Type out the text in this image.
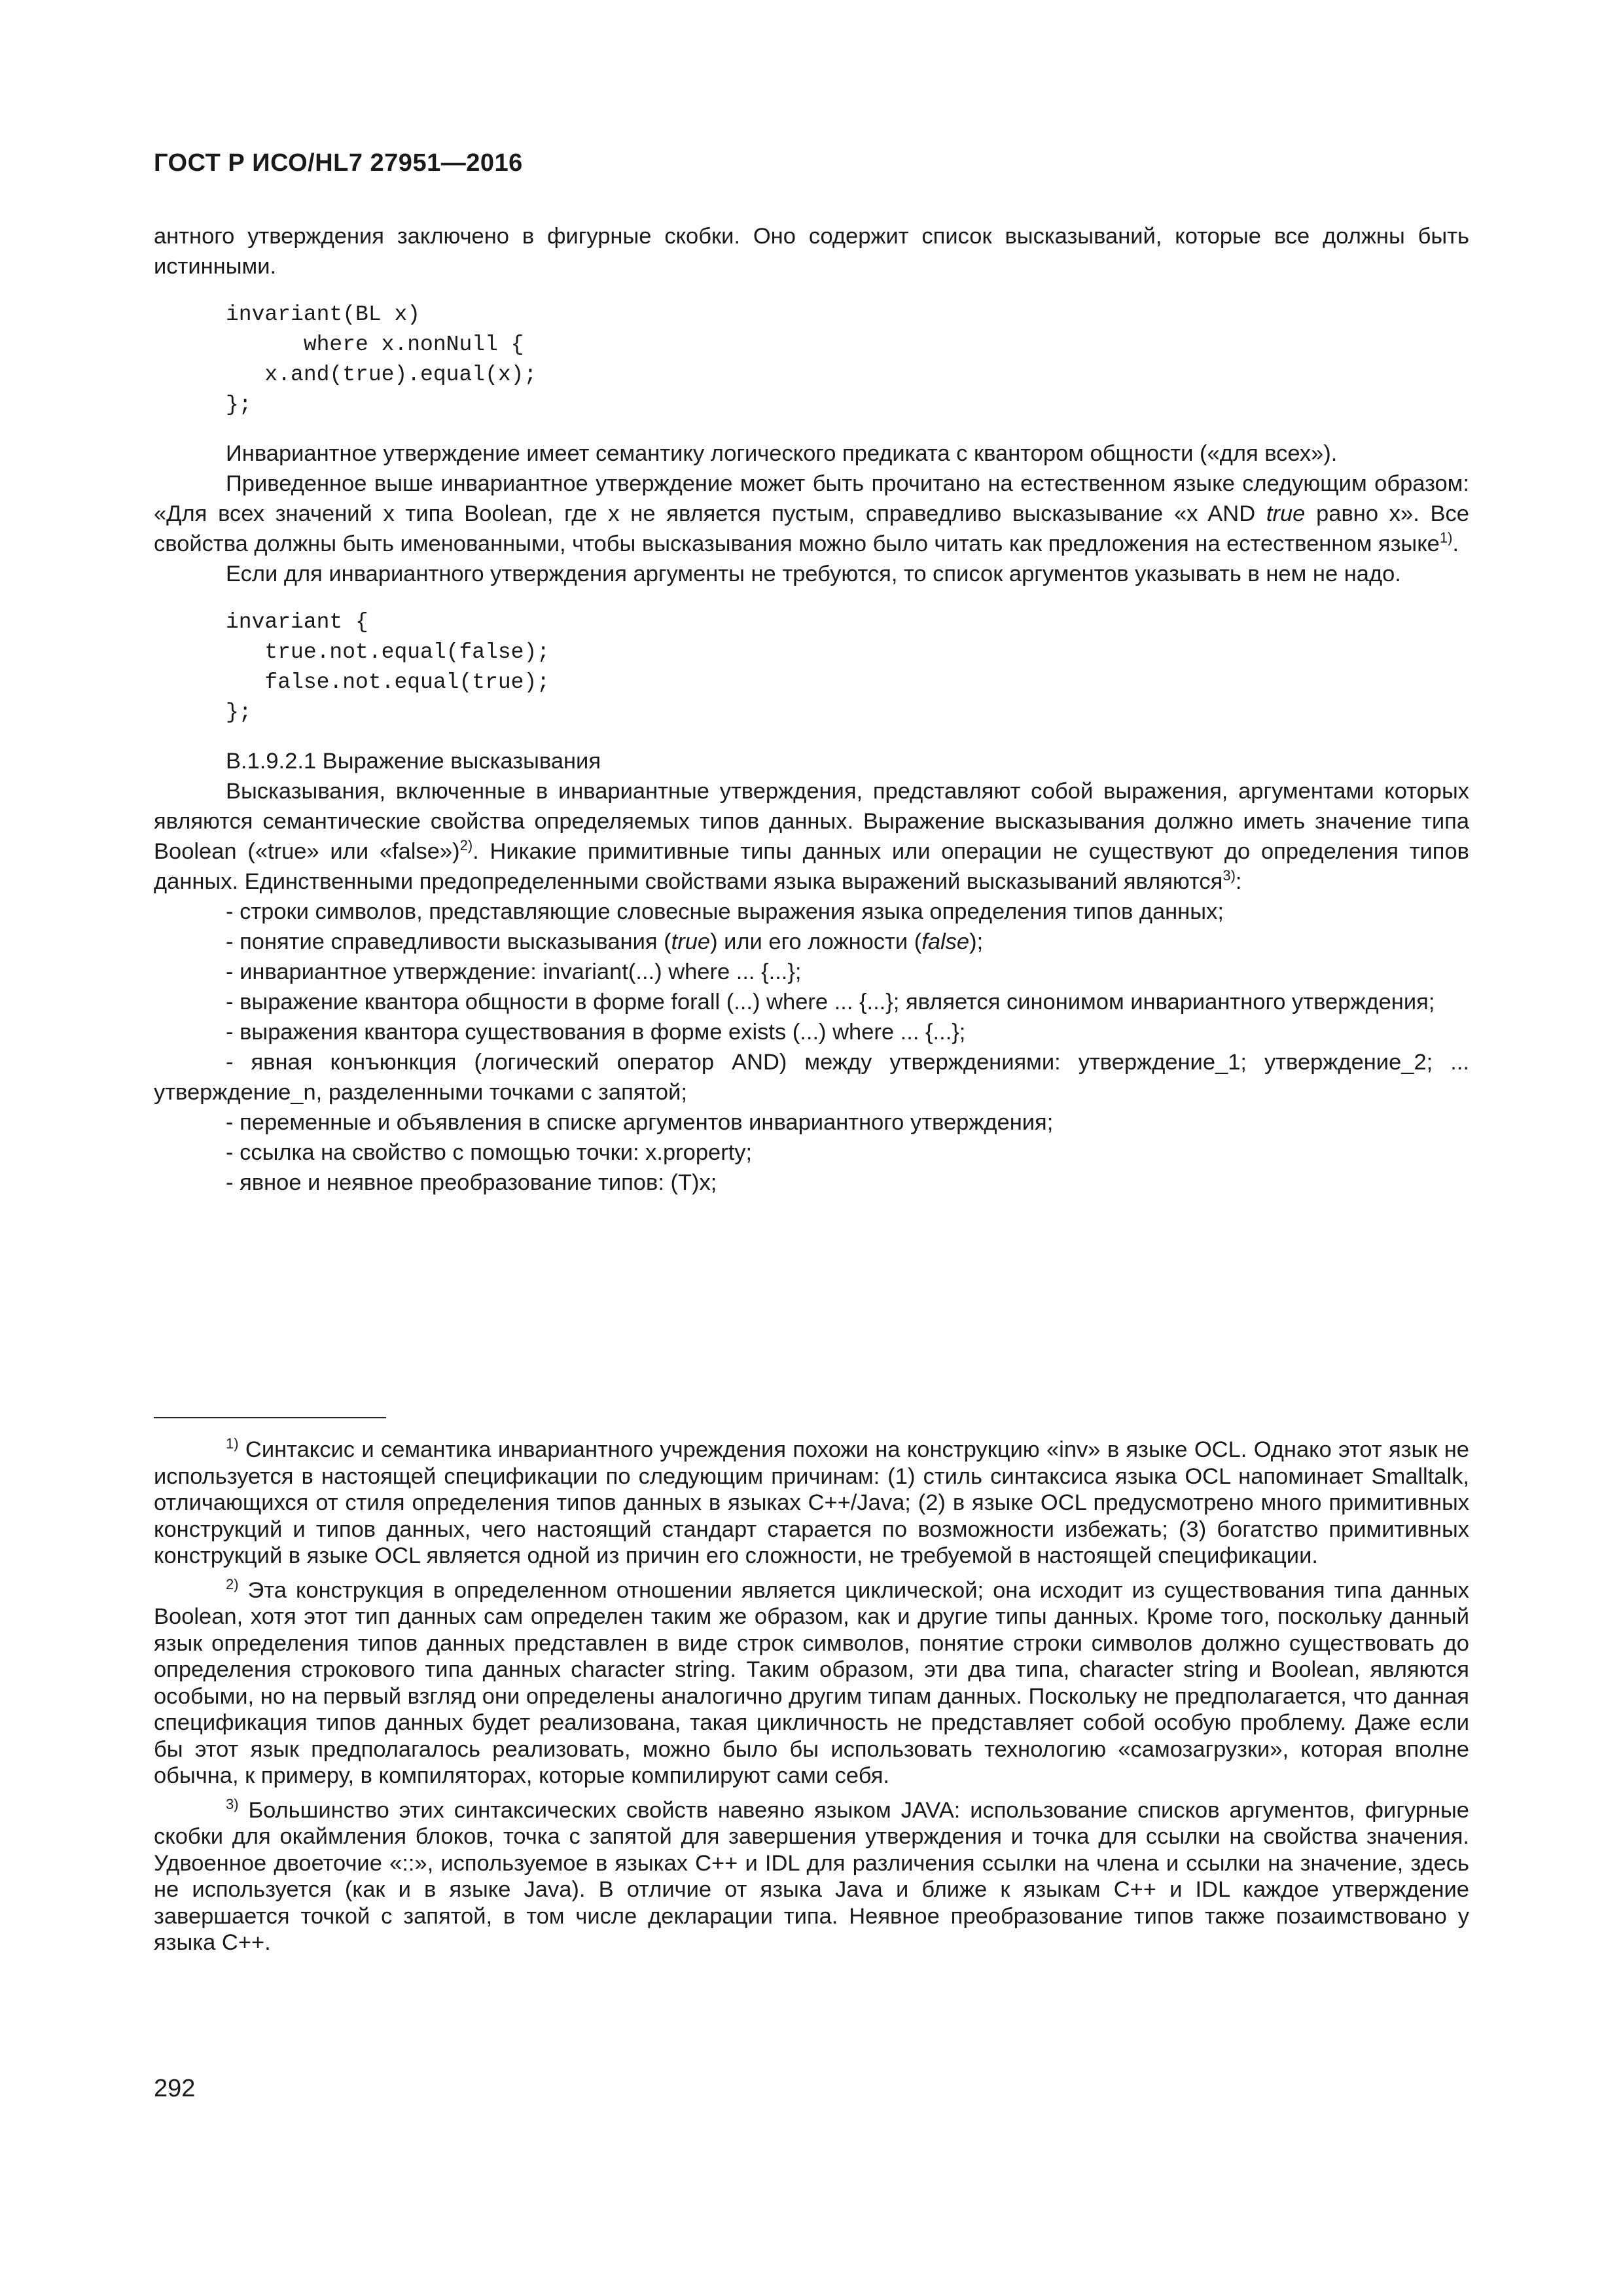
ГОСТ Р ИСО/HL7 27951—2016

антного утверждения заключено в фигурные скобки. Оно содержит список высказываний, которые все должны быть истинными.

invariant(BL x)
where x.nonNull {
x.and(true).equal(x);
};

Инвариантное утверждение имеет семантику логического предиката с квантором общности («для всех»).

Приведенное выше инвариантное утверждение может быть прочитано на естественном языке следующим образом: «Для всех значений x типа Boolean, где x не является пустым, справедливо высказывание «x AND true равно x». Все свойства должны быть именованными, чтобы высказывания можно было читать как предложения на естественном языке$^{1)}$.

Если для инвариантного утверждения аргументы не требуются, то список аргументов указывать в нем не надо.

invariant {
true.not.equal(false);
false.not.equal(true);
};

B.1.9.2.1 Выражение высказывания

Высказывания, включенные в инвариантные утверждения, представляют собой выражения, аргументами которых являются семантические свойства определяемых типов данных. Выражение высказывания должно иметь значение типа Boolean («true» или «false»)$^{2)}$. Никакие примитивные типы данных или операции не существуют до определения типов данных. Единственными предопределенными свойствами языка выражений высказываний являются$^{3)}$:

- строки символов, представляющие словесные выражения языка определения типов данных;

- понятие справедливости высказывания (true) или его ложности (false);

- инвариантное утверждение: invariant(...) where ... {...};

- выражение квантора общности в форме forall (...) where ... {...}; является синонимом инвариантного утверждения;

- выражения квантора существования в форме exists (...) where ... {...};

- явная конъюнкция (логический оператор AND) между утверждениями: утверждение_1; утверждение_2; ... утверждение_n, разделенными точками с запятой;

- переменные и объявления в списке аргументов инвариантного утверждения;

- ссылка на свойство с помощью точки: x.property;

- явное и неявное преобразование типов: (T)x;

$^{1)}$ Синтаксис и семантика инвариантного учреждения похожи на конструкцию «inv» в языке OCL. Однако этот язык не используется в настоящей спецификации по следующим причинам: (1) стиль синтаксиса языка OCL напоминает Smalltalk, отличающихся от стиля определения типов данных в языках C++/Java; (2) в языке OCL предусмотрено много примитивных конструкций и типов данных, чего настоящий стандарт старается по возможности избежать; (3) богатство примитивных конструкций в языке OCL является одной из причин его сложности, не требуемой в настоящей спецификации.

$^{2)}$ Эта конструкция в определенном отношении является циклической; она исходит из существования типа данных Boolean, хотя этот тип данных сам определен таким же образом, как и другие типы данных. Кроме того, поскольку данный язык определения типов данных представлен в виде строк символов, понятие строки символов должно существовать до определения строкового типа данных character string. Таким образом, эти два типа, character string и Boolean, являются особыми, но на первый взгляд они определены аналогично другим типам данных. Поскольку не предполагается, что данная спецификация типов данных будет реализована, такая цикличность не представляет собой особую проблему. Даже если бы этот язык предполагалось реализовать, можно было бы использовать технологию «самозагрузки», которая вполне обычна, к примеру, в компиляторах, которые компилируют сами себя.

$^{3)}$ Большинство этих синтаксических свойств навеяно языком JAVA: использование списков аргументов, фигурные скобки для окаймления блоков, точка с запятой для завершения утверждения и точка для ссылки на свойства значения. Удвоенное двоеточие «::», используемое в языках C++ и IDL для различения ссылки на члена и ссылки на значение, здесь не используется (как и в языке Java). В отличие от языка Java и ближе к языкам C++ и IDL каждое утверждение завершается точкой с запятой, в том числе декларации типа. Неявное преобразование типов также позаимствовано у языка C++.

292
